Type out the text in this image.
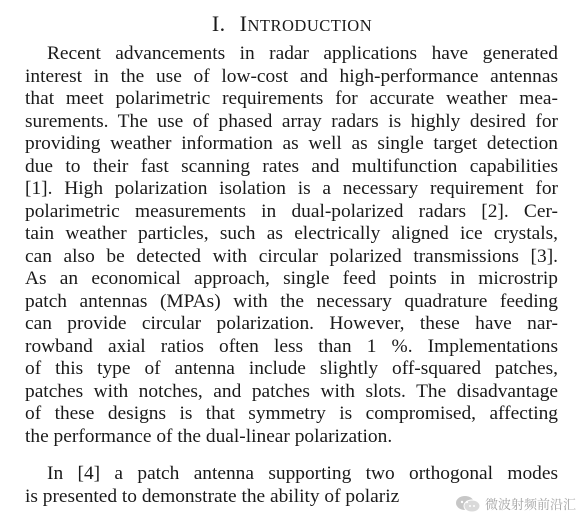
I. INTRODUCTION
Recent advancements in radar applications have generated
interest in the use of low-cost and high-performance antennas
that meet polarimetric requirements for accurate weather mea-
surements. The use of phased array radars is highly desired for
providing weather information as well as single target detection
due to their fast scanning rates and multifunction capabilities
[1]. High polarization isolation is a necessary requirement for
polarimetric measurements in dual-polarized radars [2]. Cer-
tain weather particles, such as electrically aligned ice crystals,
can also be detected with circular polarized transmissions [3].
As an economical approach, single feed points in microstrip
patch antennas (MPAs) with the necessary quadrature feeding
can provide circular polarization. However, these have nar-
rowband axial ratios often less than 1 %. Implementations
of this type of antenna include slightly off-squared patches,
patches with notches, and patches with slots. The disadvantage
of these designs is that symmetry is compromised, affecting
the performance of the dual-linear polarization.
In [4] a patch antenna supporting two orthogonal modes
is presented to demonstrate the ability of polariz	微波射频前沿汇
